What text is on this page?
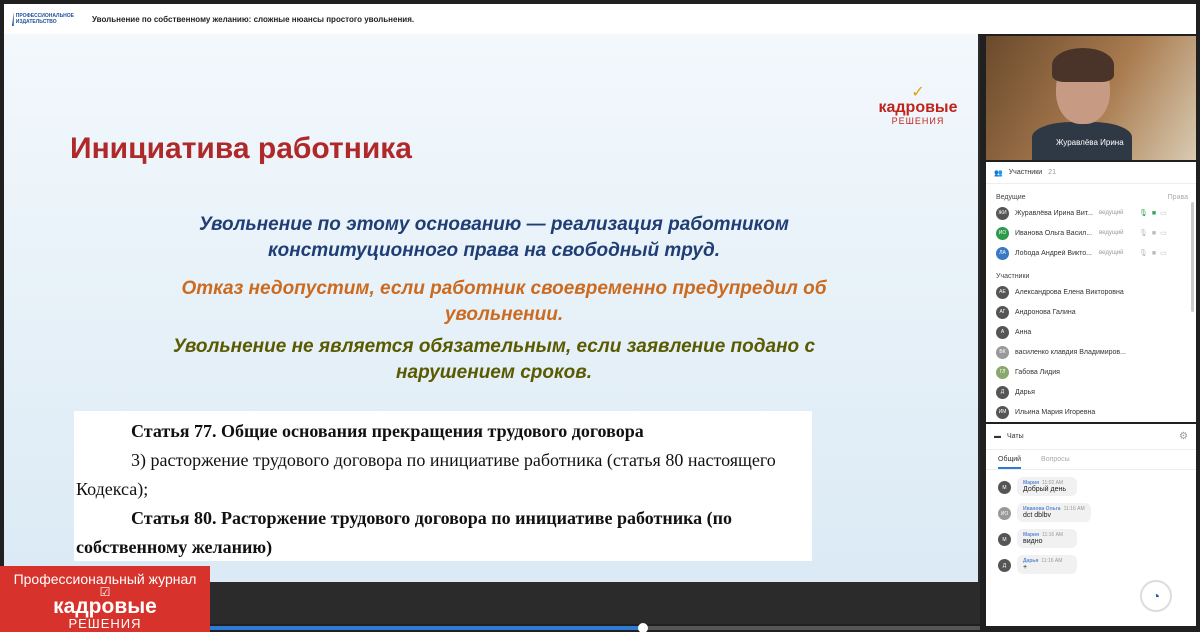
ПРОФЕССИОНАЛЬНОЕ ИЗДАТЕЛЬСТВО	Увольнение по собственному желанию: сложные нюансы простого увольнения.
✓
кадровые
РЕШЕНИЯ
Инициатива работника
Увольнение по этому основанию — реализация работником конституционного права на свободный труд.
Отказ недопустим, если работник своевременно предупредил об увольнении.
Увольнение не является обязательным, если заявление подано с нарушением сроков.
Статья 77. Общие основания прекращения трудового договора
3) расторжение трудового договора по инициативе работника (статья 80 настоящего
Кодекса);
Статья 80. Расторжение трудового договора по инициативе работника (по
собственному желанию)
Профессиональный журнал
☑
кадровые
РЕШЕНИЯ
Журавлёва Ирина
👥 Участники 21
Ведущие	Права
ЖИ	Журавлёва Ирина Вит...	ведущий	🎙 ■ ▭
ИО	Иванова Ольга Васил...	ведущий	🎙 ■ ▭
ЛА	Лобода Андрей Викто...	ведущий	🎙 ■ ▭
Участники
АЕ	Александрова Елена Викторовна
АГ	Андронова Галина
А	Анна
ВК	василенко клавдия Владимиров...
ГЛ	Габова Лидия
Д	Дарья
ИМ	Ильина Мария Игоревна
▬ Чаты	⚙
Общий	Вопросы
М
Мария 11:02 AM
Добрый день
ИО
Иванова Ольга 11:16 AM
dct dblbv
М
Мария 11:16 AM
видно
Д
Дарья 11:16 AM
+
◔
